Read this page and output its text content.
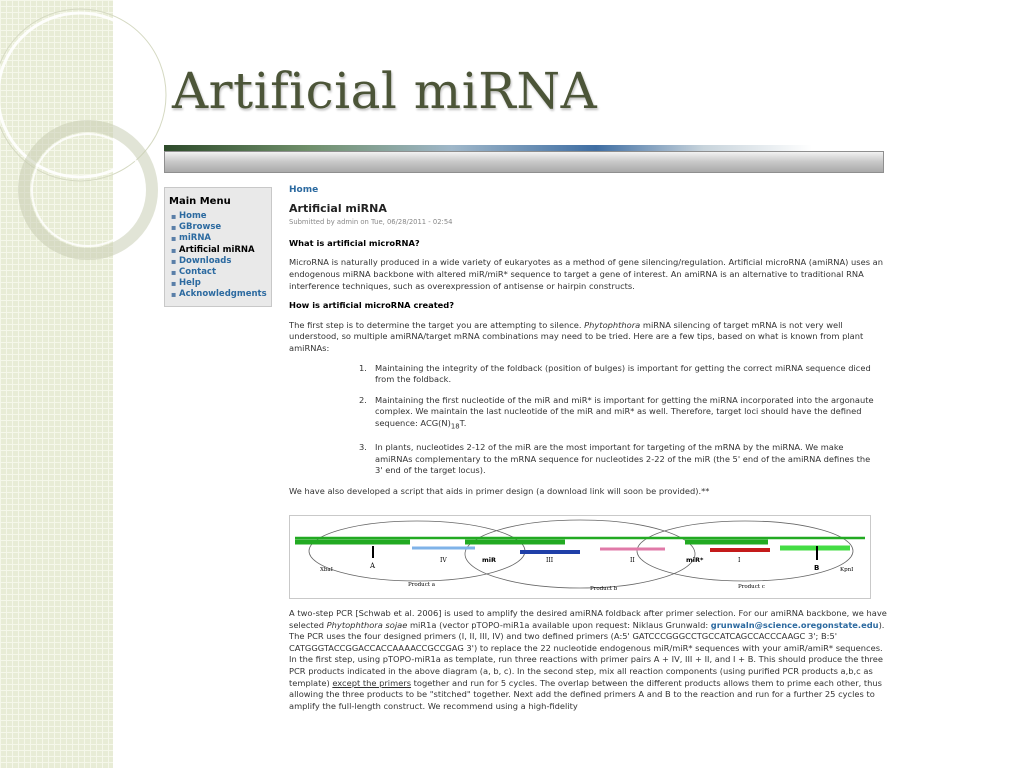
Artificial miRNA
Main Menu
▪ Home
▪ GBrowse
▪ miRNA
▪ Artificial miRNA
▪ Downloads
▪ Contact
▪ Help
▪ Acknowledgments
Home
Artificial miRNA
Submitted by admin on Tue, 06/28/2011 - 02:54
What is artificial microRNA?
MicroRNA is naturally produced in a wide variety of eukaryotes as a method of gene silencing/regulation. Artificial microRNA (amiRNA) uses an endogenous miRNA backbone with altered miR/miR* sequence to target a gene of interest. An amiRNA is an alternative to traditional RNA interference techniques, such as overexpression of antisense or hairpin constructs.
How is artificial microRNA created?
The first step is to determine the target you are attempting to silence. Phytophthora miRNA silencing of target mRNA is not very well understood, so multiple amiRNA/target mRNA combinations may need to be tried. Here are a few tips, based on what is known from plant amiRNAs:
1. Maintaining the integrity of the foldback (position of bulges) is important for getting the correct miRNA sequence diced from the foldback.
2. Maintaining the first nucleotide of the miR and miR* is important for getting the miRNA incorporated into the argonaute complex. We maintain the last nucleotide of the miR and miR* as well. Therefore, target loci should have the defined sequence: $ACG(N)_{18}T$.
3. In plants, nucleotides 2-12 of the miR are the most important for targeting of the mRNA by the miRNA. We make amiRNAs complementary to the mRNA sequence for nucleotides 2-22 of the miR (the 5' end of the amiRNA defines the 3' end of the target locus).
We have also developed a script that aids in primer design (a download link will soon be provided).**
A
IV	miR	III	II	miR*	I
B
XbaI	KpnI
Product a
Product b	Product c
A two-step PCR [Schwab et al. 2006] is used to amplify the desired amiRNA foldback after primer selection. For our amiRNA backbone, we have selected Phytophthora sojae miR1a (vector pTOPO-miR1a available upon request: Niklaus Grunwald: grunwaln@science.oregonstate.edu). The PCR uses the four designed primers (I, II, III, IV) and two defined primers (A:5' GATCCCGGGCCTGCCATCAGCCACCCAAGC 3'; B:5' CATGGGTACCGGACCACCAAAACCGCCGAG 3') to replace the 22 nucleotide endogenous miR/miR* sequences with your amiR/amiR* sequences. In the first step, using pTOPO-miR1a as template, run three reactions with primer pairs A + IV, III + II, and I + B. This should produce the three PCR products indicated in the above diagram (a, b, c). In the second step, mix all reaction components (using purified PCR products a,b,c as template) except the primers together and run for 5 cycles. The overlap between the different products allows them to prime each other, thus allowing the three products to be "stitched" together. Next add the defined primers A and B to the reaction and run for a further 25 cycles to amplify the full-length construct. We recommend using a high-fidelity
